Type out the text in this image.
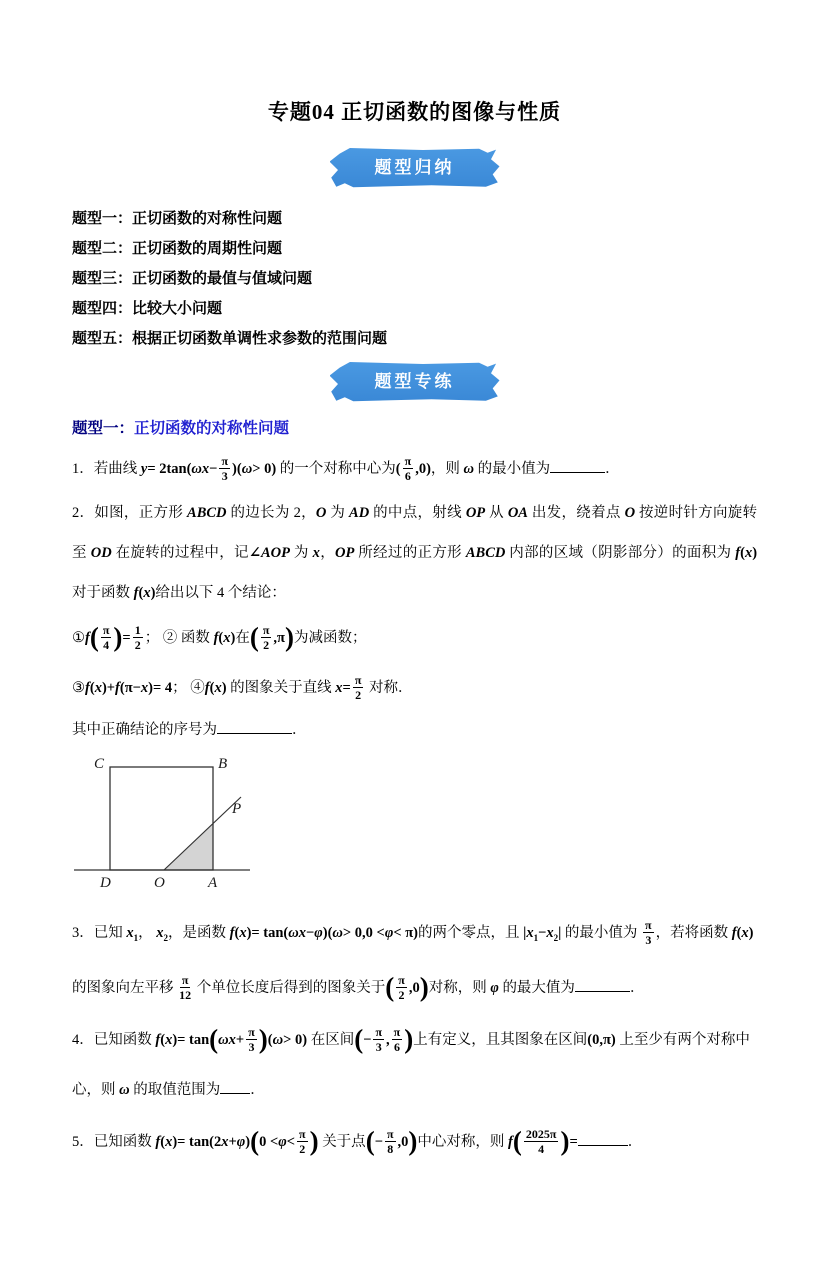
专题04 正切函数的图像与性质
题型归纳
题型一：正切函数的对称性问题
题型二：正切函数的周期性问题
题型三：正切函数的最值与值域问题
题型四：比较大小问题
题型五：根据正切函数单调性求参数的范围问题
题型专练
题型一：正切函数的对称性问题

1．若曲线 $y= 2\tan(\omega x- \frac{\pi}{3} )(\omega> 0)$ 的一个对称中心为( $\frac{\pi}{6} ,0$)，则 ω 的最小值为	．

2．如图，正方形 ABCD 的边长为 2，O 为 AD 的中点，射线 OP 从 OA 出发，绕着点 O 按逆时针方向旋转至 OD 在旋转的过程中，记∠AOP 为 x，OP 所经过的正方形 ABCD 内部的区域（阴影部分）的面积为 f(x) 对于函数 f(x)给出以下 4 个结论：

①f( $\frac{\pi}{4}$ )= $\frac{1}{2}$ ； ② 函数 f(x)在( $\frac{\pi}{2} ,\pi$)为减函数；

③f(x)+f(π−x)= 4； ④f(x) 的图象关于直线 $x= \frac{\pi}{2}$ 对称．

其中正确结论的序号为	．

C	B
D	O	A
P

3．已知 $x_1$， $x_2$，是函数 f(x)= tan(ωx−φ)(ω> 0,0 <φ< π)的两个零点，且 $|x_1-x_2|$ 的最小值为 $\frac{\pi}{3}$ ，若将函数 f(x) 的图象向左平移 $\frac{\pi}{12}$ 个单位长度后得到的图象关于( $\frac{\pi}{2} ,0$)对称，则 φ 的最大值为	．

4．已知函数 $f(x)= \tan(\omega x+ \frac{\pi}{3} )(\omega> 0)$ 在区间(− $\frac{\pi}{3}$ , $\frac{\pi}{6}$ )上有定义，且其图象在区间(0,π) 上至少有两个对称中心，则 ω 的取值范围为 ．

5．已知函数 $f(x)= \tan(2x+\varphi)(0 <\varphi< \frac{\pi}{2}$ ) 关于点(− $\frac{\pi}{8} ,0$)中心对称，则 $f( \frac{2025\pi}{4}$ )=	．
